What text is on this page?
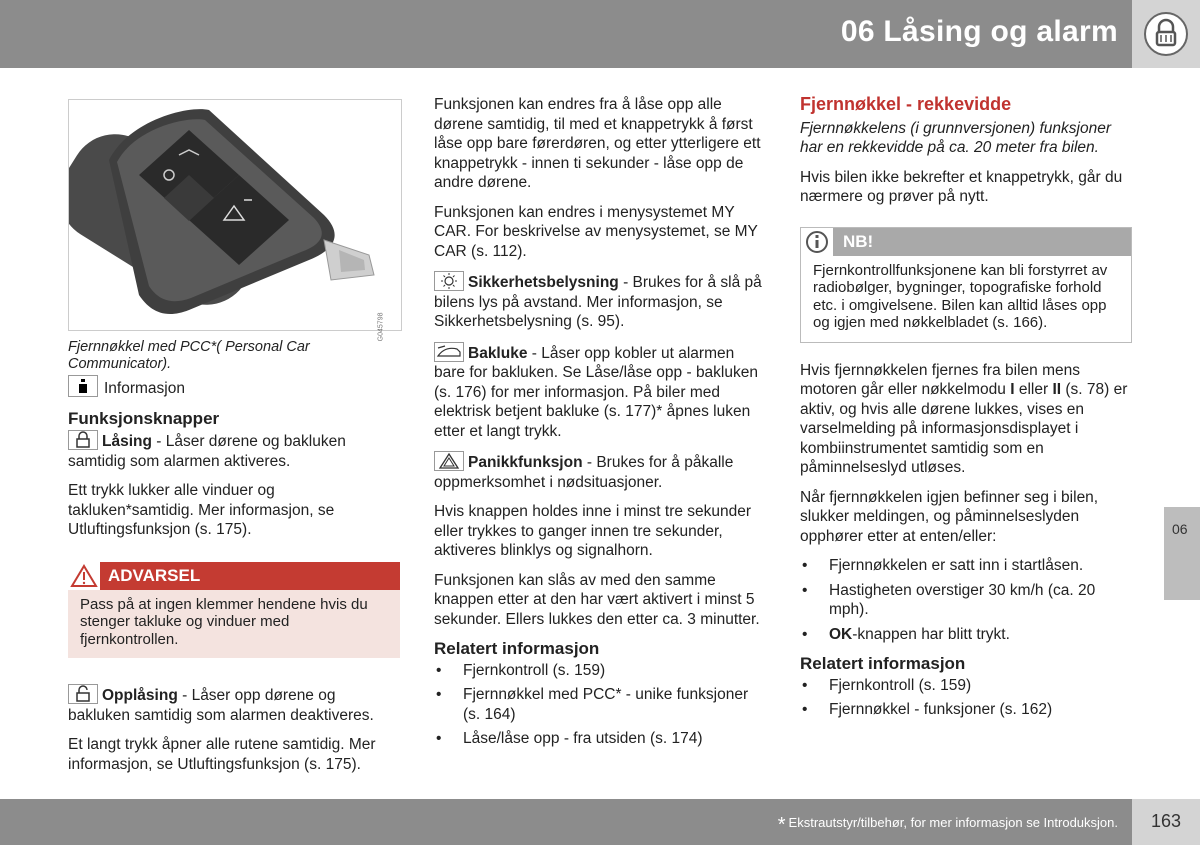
06 Låsing og alarm
G045798
Fjernnøkkel med PCC*( Personal Car Communicator).
Informasjon
Funksjonsknapper

Låsing - Låser dørene og bakluken samtidig som alarmen aktiveres.

Ett trykk lukker alle vinduer og takluken*samtidig. Mer informasjon, se Utluftingsfunksjon (s. 175).

ADVARSEL
Pass på at ingen klemmer hendene hvis du stenger takluke og vinduer med fjernkontrollen.

Opplåsing - Låser opp dørene og bakluken samtidig som alarmen deaktiveres.

Et langt trykk åpner alle rutene samtidig. Mer informasjon, se Utluftingsfunksjon (s. 175).

Funksjonen kan endres fra å låse opp alle dørene samtidig, til med et knappetrykk å først låse opp bare førerdøren, og etter ytterligere ett knappetrykk - innen ti sekunder - låse opp de andre dørene.

Funksjonen kan endres i menysystemet MY CAR. For beskrivelse av menysystemet, se MY CAR (s. 112).

Sikkerhetsbelysning - Brukes for å slå på bilens lys på avstand. Mer informasjon, se Sikkerhetsbelysning (s. 95).

Bakluke - Låser opp kobler ut alarmen bare for bakluken. Se Låse/låse opp - bakluken (s. 176) for mer informasjon. På biler med elektrisk betjent bakluke (s. 177)* åpnes luken etter et langt trykk.

Panikkfunksjon - Brukes for å påkalle oppmerksomhet i nødsituasjoner.

Hvis knappen holdes inne i minst tre sekunder eller trykkes to ganger innen tre sekunder, aktiveres blinklys og signalhorn.

Funksjonen kan slås av med den samme knappen etter at den har vært aktivert i minst 5 sekunder. Ellers lukkes den etter ca. 3 minutter.

Relatert informasjon
• Fjernkontroll (s. 159)
• Fjernnøkkel med PCC* - unike funksjoner (s. 164)
• Låse/låse opp - fra utsiden (s. 174)
Fjernnøkkel - rekkevidde

Fjernnøkkelens (i grunnversjonen) funksjoner har en rekkevidde på ca. 20 meter fra bilen.

Hvis bilen ikke bekrefter et knappetrykk, går du nærmere og prøver på nytt.

NB!
Fjernkontrollfunksjonene kan bli forstyrret av radiobølger, bygninger, topografiske forhold etc. i omgivelsene. Bilen kan alltid låses opp og igjen med nøkkelbladet (s. 166).

Hvis fjernnøkkelen fjernes fra bilen mens motoren går eller nøkkelmodu I eller II (s. 78) er aktiv, og hvis alle dørene lukkes, vises en varselmelding på informasjonsdisplayet i kombiinstrumentet samtidig som en påminnelseslyd utløses.

Når fjernnøkkelen igjen befinner seg i bilen, slukker meldingen, og påminnelseslyden opphører etter at enten/eller:

• Fjernnøkkelen er satt inn i startlåsen.
• Hastigheten overstiger 30 km/h (ca. 20 mph).
• OK-knappen har blitt trykt.
Relatert informasjon
• Fjernkontroll (s. 159)
• Fjernnøkkel - funksjoner (s. 162)
06
* Ekstrautstyr/tilbehør, for mer informasjon se Introduksjon.	163
